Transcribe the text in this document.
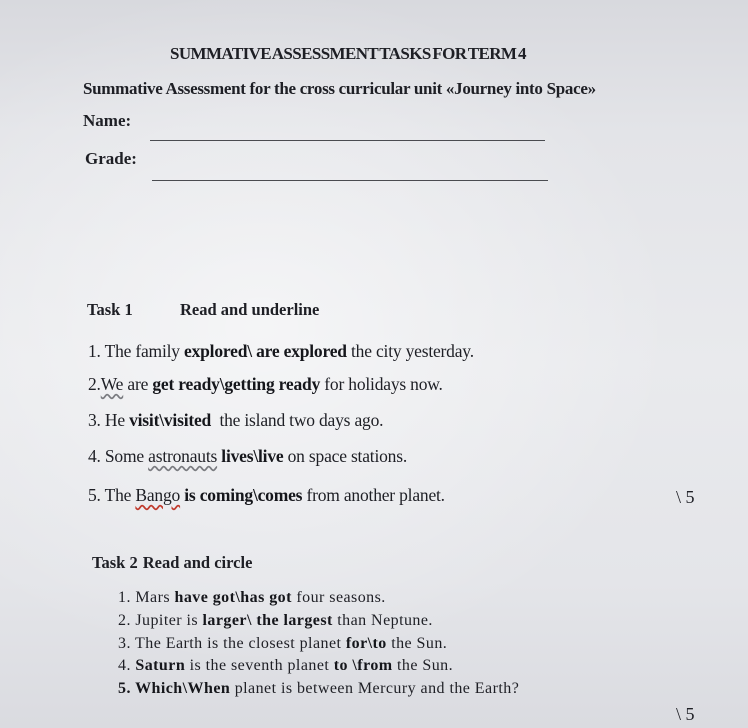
SUMMATIVE ASSESSMENT TASKS FOR TERM 4
Summative Assessment for the cross curricular unit «Journey into Space»
Name:
Grade:
Task 1	Read and underline
1. The family explored\ are explored the city yesterday.
2.We are get ready\getting ready for holidays now.
3. He visit\visited  the island two days ago.
4. Some astronauts lives\live on space stations.
5. The Bango is coming\comes from another planet.	\ 5
Task 2 Read and circle
1. Mars have got\has got four seasons.
2. Jupiter is larger\ the largest than Neptune.
3. The Earth is the closest planet for\to the Sun.
4. Saturn is the seventh planet to \from the Sun.
5. Which\When planet is between Mercury and the Earth?
\ 5
